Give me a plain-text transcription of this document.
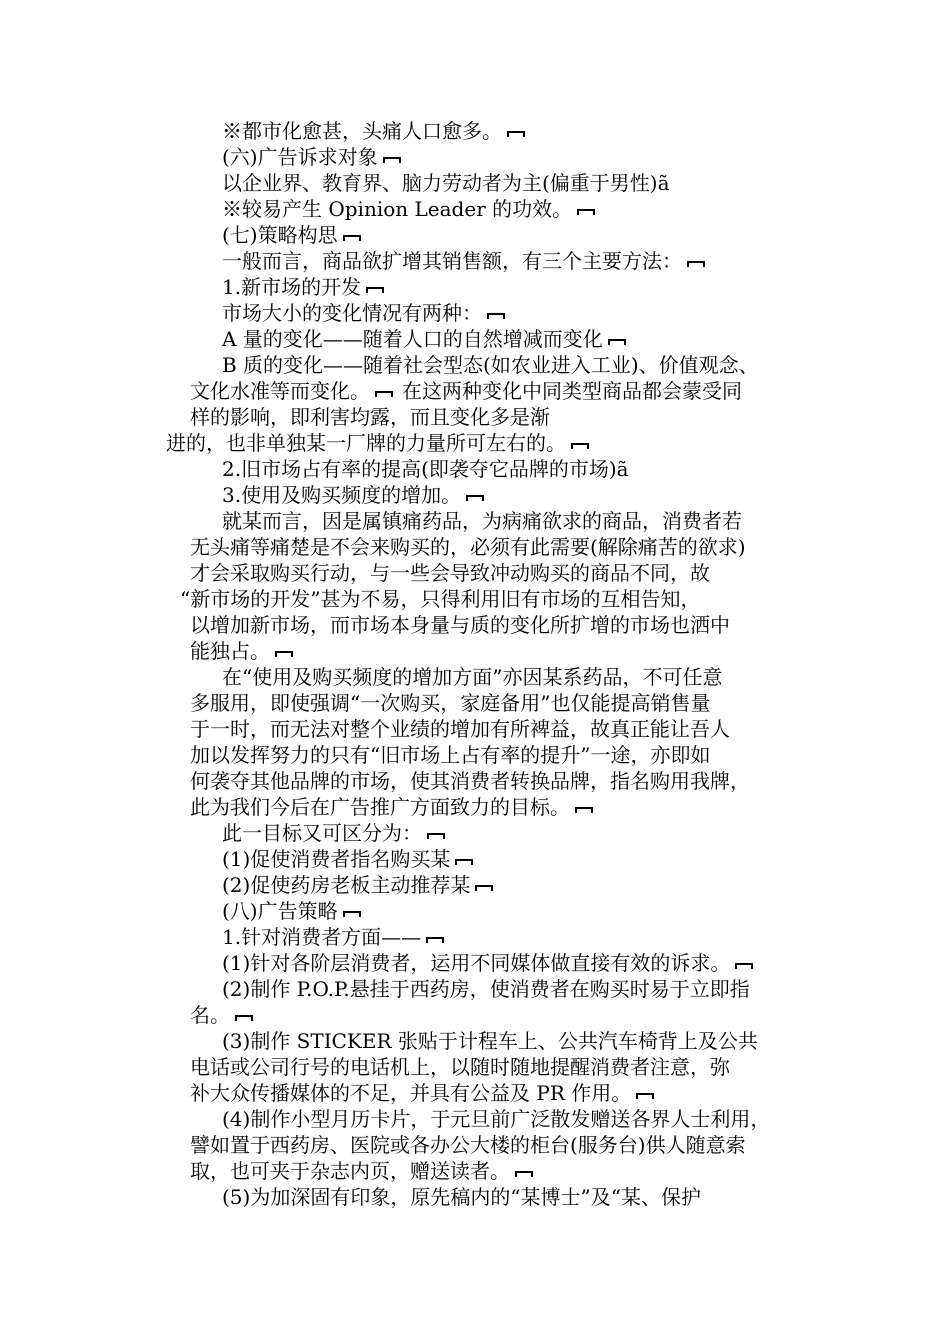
※都市化愈甚，头痛人口愈多。
(六)广告诉求对象
以企业界、教育界、脑力劳动者为主(偏重于男性)ã
※较易产生 Opinion Leader 的功效。
(七)策略构思
一般而言，商品欲扩增其销售额，有三个主要方法：
1.新市场的开发
市场大小的变化情况有两种：
A 量的变化——随着人口的自然增减而变化
B 质的变化——随着社会型态(如农业进入工业)、价值观念、
文化水准等而变化。 在这两种变化中同类型商品都会蒙受同
样的影响，即利害均露，而且变化多是渐
进的，也非单独某一厂牌的力量所可左右的。
2.旧市场占有率的提高(即袭夺它品牌的市场)ã
3.使用及购买频度的增加。
就某而言，因是属镇痛药品，为病痛欲求的商品，消费者若
无头痛等痛楚是不会来购买的，必须有此需要(解除痛苦的欲求)
才会采取购买行动，与一些会导致冲动购买的商品不同，故
“新市场的开发”甚为不易，只得利用旧有市场的互相告知，
以增加新市场，而市场本身量与质的变化所扩增的市场也洒中
能独占。
在“使用及购买频度的增加方面”亦因某系药品，不可任意
多服用，即使强调“一次购买，家庭备用”也仅能提高销售量
于一时，而无法对整个业绩的增加有所裨益，故真正能让吾人
加以发挥努力的只有“旧市场上占有率的提升”一途，亦即如
何袭夺其他品牌的市场，使其消费者转换品牌，指名购用我牌，
此为我们今后在广告推广方面致力的目标。
此一目标又可区分为：
(1)促使消费者指名购买某
(2)促使药房老板主动推荐某
(八)广告策略
1.针对消费者方面——
(1)针对各阶层消费者，运用不同媒体做直接有效的诉求。
(2)制作 P.O.P.悬挂于西药房，使消费者在购买时易于立即指
名。
(3)制作 STICKER 张贴于计程车上、公共汽车椅背上及公共
电话或公司行号的电话机上，以随时随地提醒消费者注意，弥
补大众传播媒体的不足，并具有公益及 PR 作用。
(4)制作小型月历卡片，于元旦前广泛散发赠送各界人士利用，
譬如置于西药房、医院或各办公大楼的柜台(服务台)供人随意索
取，也可夹于杂志内页，赠送读者。
(5)为加深固有印象，原先稿内的“某博士”及“某、保护
